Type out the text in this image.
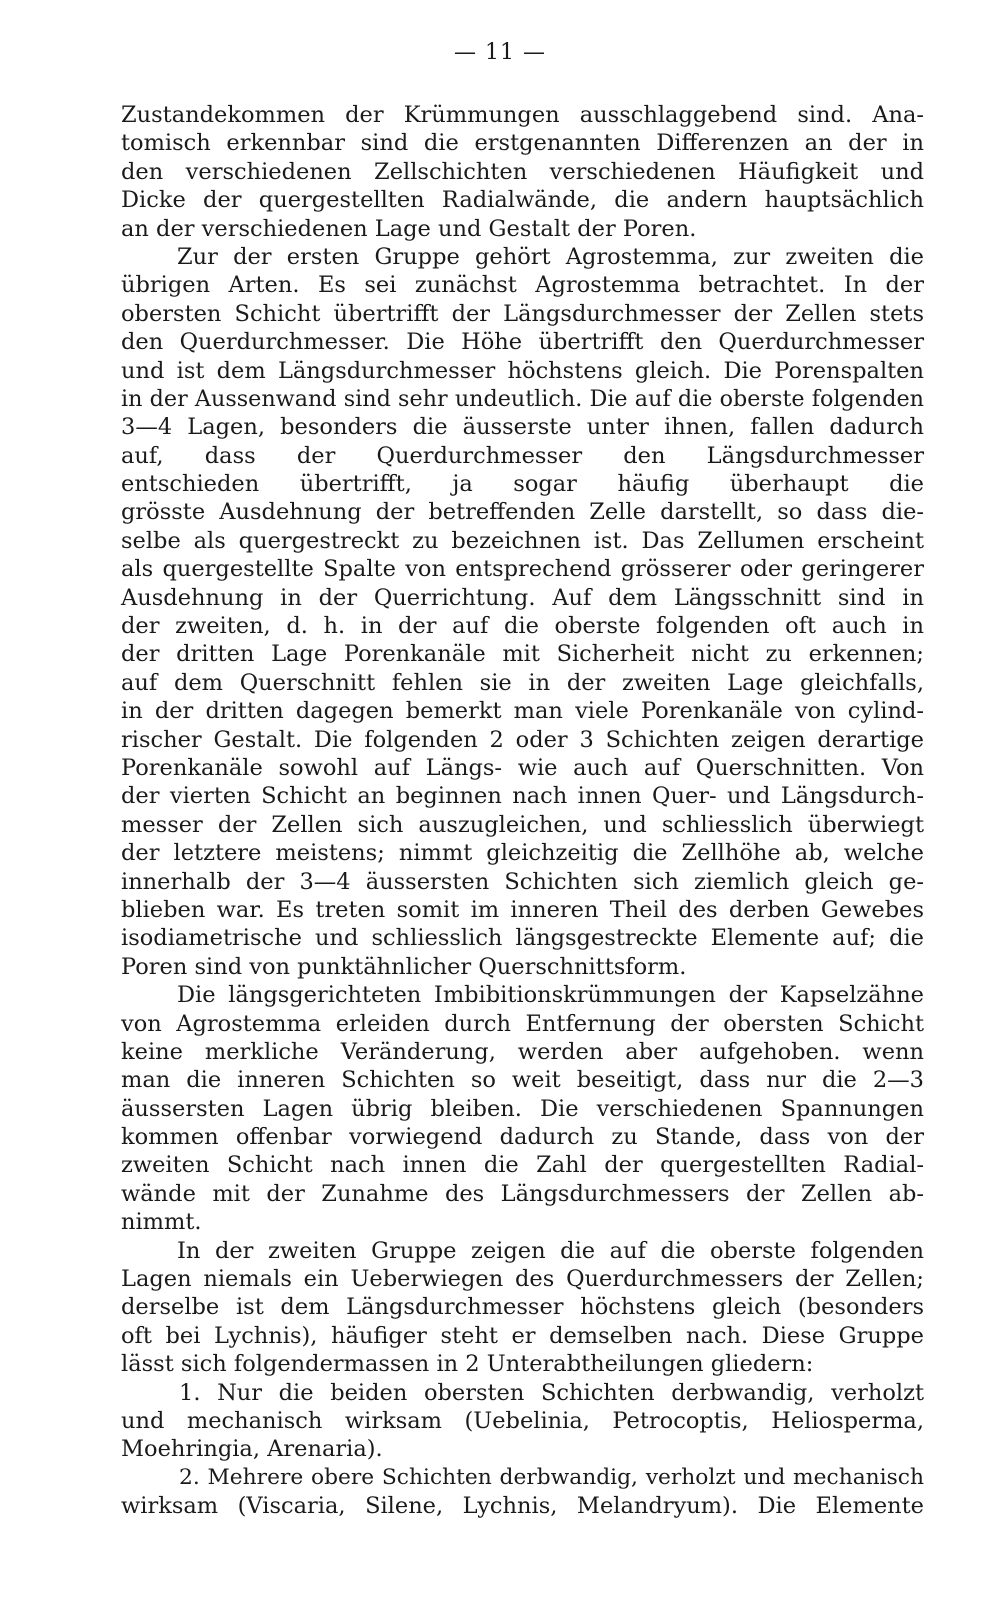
— 11 —
Zustandekommen der Krümmungen ausschlaggebend sind. Ana-
tomisch erkennbar sind die erstgenannten Differenzen an der in
den verschiedenen Zellschichten verschiedenen Häufigkeit und
Dicke der quergestellten Radialwände, die andern hauptsächlich
an der verschiedenen Lage und Gestalt der Poren.
Zur der ersten Gruppe gehört Agrostemma, zur zweiten die
übrigen Arten. Es sei zunächst Agrostemma betrachtet. In der
obersten Schicht übertrifft der Längsdurchmesser der Zellen stets
den Querdurchmesser. Die Höhe übertrifft den Querdurchmesser
und ist dem Längsdurchmesser höchstens gleich. Die Porenspalten
in der Aussenwand sind sehr undeutlich. Die auf die oberste folgenden
3—4 Lagen, besonders die äusserste unter ihnen, fallen dadurch
auf, dass der Querdurchmesser den Längsdurchmesser
entschieden übertrifft, ja sogar häufig überhaupt die
grösste Ausdehnung der betreffenden Zelle darstellt, so dass die-
selbe als quergestreckt zu bezeichnen ist. Das Zellumen erscheint
als quergestellte Spalte von entsprechend grösserer oder geringerer
Ausdehnung in der Querrichtung. Auf dem Längsschnitt sind in
der zweiten, d. h. in der auf die oberste folgenden oft auch in
der dritten Lage Porenkanäle mit Sicherheit nicht zu erkennen;
auf dem Querschnitt fehlen sie in der zweiten Lage gleichfalls,
in der dritten dagegen bemerkt man viele Porenkanäle von cylind-
rischer Gestalt. Die folgenden 2 oder 3 Schichten zeigen derartige
Porenkanäle sowohl auf Längs- wie auch auf Querschnitten. Von
der vierten Schicht an beginnen nach innen Quer- und Längsdurch-
messer der Zellen sich auszugleichen, und schliesslich überwiegt
der letztere meistens; nimmt gleichzeitig die Zellhöhe ab, welche
innerhalb der 3—4 äussersten Schichten sich ziemlich gleich ge-
blieben war. Es treten somit im inneren Theil des derben Gewebes
isodiametrische und schliesslich längsgestreckte Elemente auf; die
Poren sind von punktähnlicher Querschnittsform.
Die längsgerichteten Imbibitionskrümmungen der Kapselzähne
von Agrostemma erleiden durch Entfernung der obersten Schicht
keine merkliche Veränderung, werden aber aufgehoben. wenn
man die inneren Schichten so weit beseitigt, dass nur die 2—3
äussersten Lagen übrig bleiben. Die verschiedenen Spannungen
kommen offenbar vorwiegend dadurch zu Stande, dass von der
zweiten Schicht nach innen die Zahl der quergestellten Radial-
wände mit der Zunahme des Längsdurchmessers der Zellen ab-
nimmt.
In der zweiten Gruppe zeigen die auf die oberste folgenden
Lagen niemals ein Ueberwiegen des Querdurchmessers der Zellen;
derselbe ist dem Längsdurchmesser höchstens gleich (besonders
oft bei Lychnis), häufiger steht er demselben nach. Diese Gruppe
lässt sich folgendermassen in 2 Unterabtheilungen gliedern:
1. Nur die beiden obersten Schichten derbwandig, verholzt
und mechanisch wirksam (Uebelinia, Petrocoptis, Heliosperma,
Moehringia, Arenaria).
2. Mehrere obere Schichten derbwandig, verholzt und mechanisch
wirksam (Viscaria, Silene, Lychnis, Melandryum). Die Elemente
